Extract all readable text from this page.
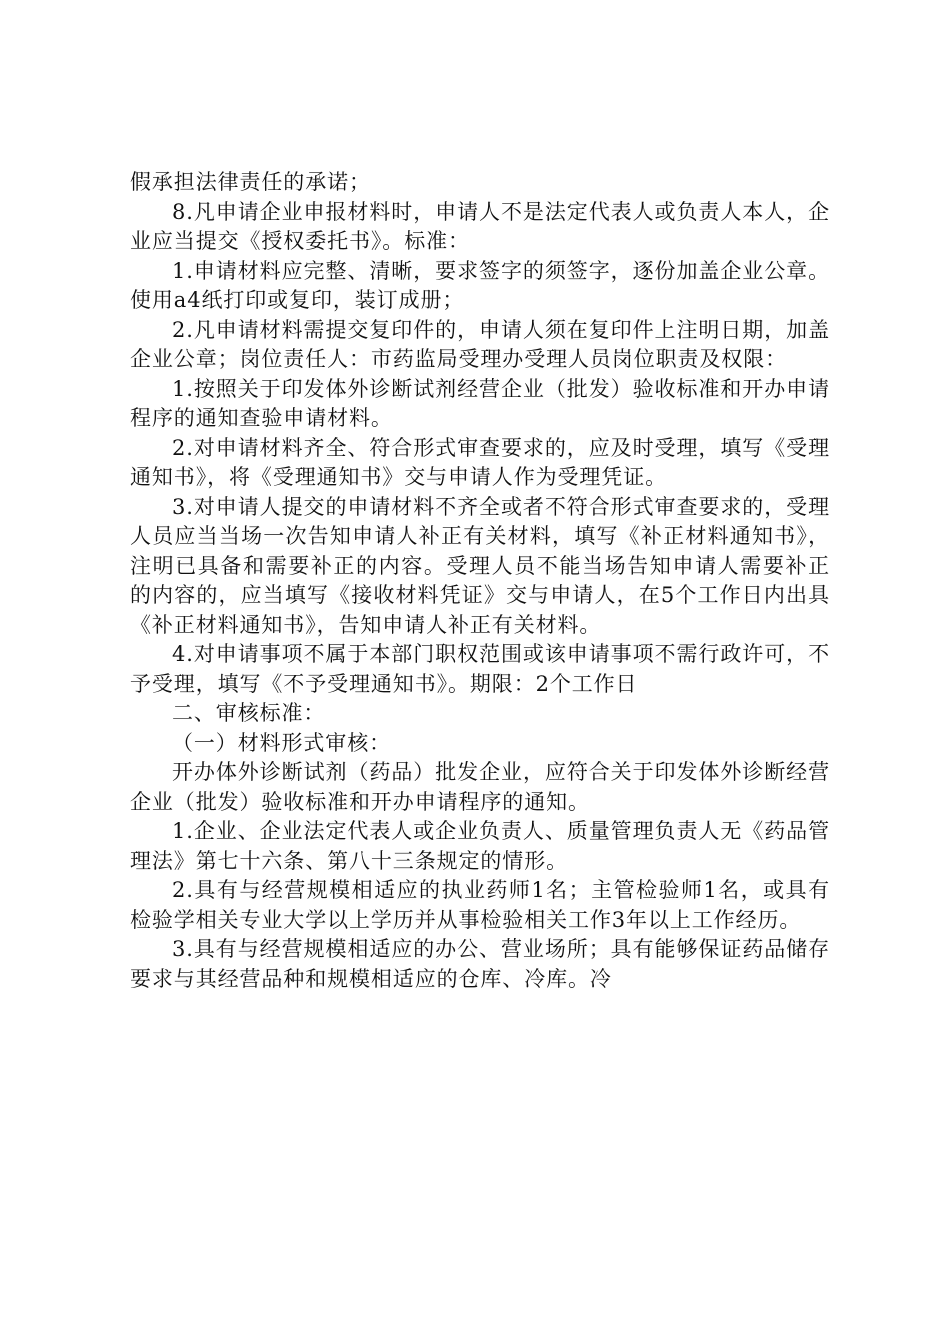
假承担法律责任的承诺；

8.凡申请企业申报材料时，申请人不是法定代表人或负责人本人，企业应当提交《授权委托书》。标准：

1.申请材料应完整、清晰，要求签字的须签字，逐份加盖企业公章。使用a4纸打印或复印，装订成册；

2.凡申请材料需提交复印件的，申请人须在复印件上注明日期，加盖企业公章；岗位责任人：市药监局受理办受理人员岗位职责及权限：

1.按照关于印发体外诊断试剂经营企业（批发）验收标准和开办申请程序的通知查验申请材料。

2.对申请材料齐全、符合形式审查要求的，应及时受理，填写《受理通知书》，将《受理通知书》交与申请人作为受理凭证。

3.对申请人提交的申请材料不齐全或者不符合形式审查要求的，受理人员应当当场一次告知申请人补正有关材料，填写《补正材料通知书》，注明已具备和需要补正的内容。受理人员不能当场告知申请人需要补正的内容的，应当填写《接收材料凭证》交与申请人，在5个工作日内出具《补正材料通知书》，告知申请人补正有关材料。

4.对申请事项不属于本部门职权范围或该申请事项不需行政许可，不予受理，填写《不予受理通知书》。期限：2个工作日

二、审核标准：

（一）材料形式审核：

开办体外诊断试剂（药品）批发企业，应符合关于印发体外诊断经营企业（批发）验收标准和开办申请程序的通知。

1.企业、企业法定代表人或企业负责人、质量管理负责人无《药品管理法》第七十六条、第八十三条规定的情形。

2.具有与经营规模相适应的执业药师1名；主管检验师1名，或具有检验学相关专业大学以上学历并从事检验相关工作3年以上工作经历。

3.具有与经营规模相适应的办公、营业场所；具有能够保证药品储存要求与其经营品种和规模相适应的仓库、冷库。冷
